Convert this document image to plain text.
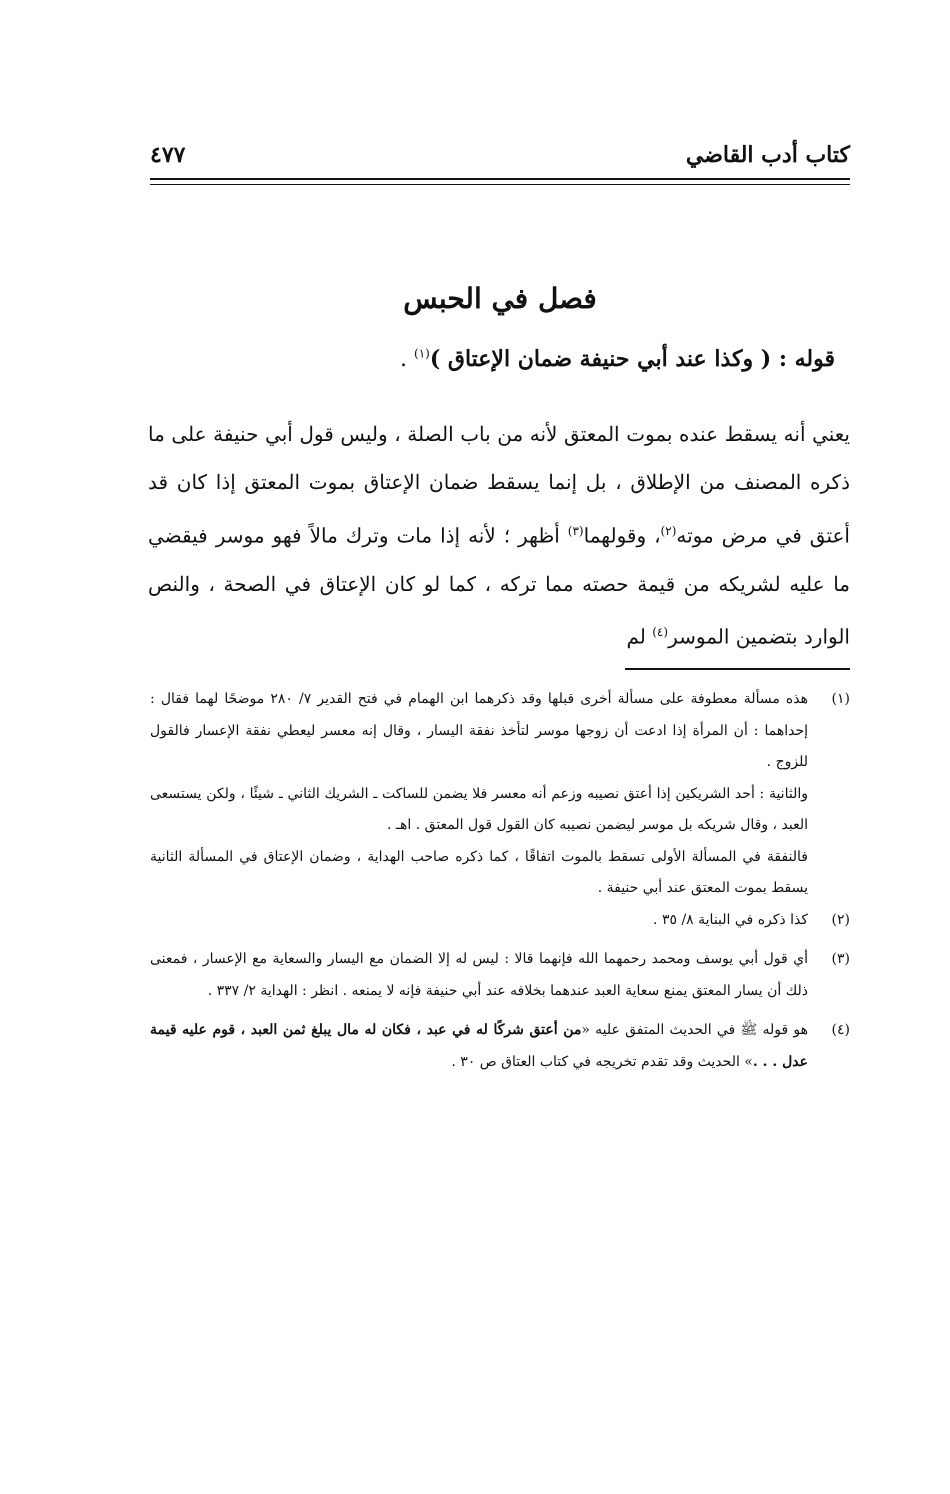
كتاب أدب القاضي
٤٧٧
فصل في الحبس
قوله : ( وكذا عند أبي حنيفة ضمان الإعتاق )$^{(١)}$ .

يعني أنه يسقط عنده بموت المعتق لأنه من باب الصلة ، وليس قول أبي حنيفة على ما ذكره المصنف من الإطلاق ، بل إنما يسقط ضمان الإعتاق بموت المعتق إذا كان قد أعتق في مرض موته$^{(٢)}$، وقولهما$^{(٣)}$ أظهر ؛ لأنه إذا مات وترك مالاً فهو موسر فيقضي ما عليه لشريكه من قيمة حصته مما تركه ، كما لو كان الإعتاق في الصحة ، والنص الوارد بتضمين الموسر$^{(٤)}$ لم

(١)

هذه مسألة معطوفة على مسألة أخرى قبلها وقد ذكرهما ابن الهمام في فتح القدير ٧/ ٢٨٠ موضحًا لهما فقال : إحداهما : أن المرأة إذا ادعت أن زوجها موسر لتأخذ نفقة اليسار ، وقال إنه معسر ليعطي نفقة الإعسار فالقول للزوج .

والثانية : أحد الشريكين إذا أعتق نصيبه وزعم أنه معسر فلا يضمن للساكت ـ الشريك الثاني ـ شيئًا ، ولكن يستسعى العبد ، وقال شريكه بل موسر ليضمن نصيبه كان القول قول المعتق . اهـ .

فالنفقة في المسألة الأولى تسقط بالموت اتفاقًا ، كما ذكره صاحب الهداية ، وضمان الإعتاق في المسألة الثانية يسقط بموت المعتق عند أبي حنيفة .

(٢)

كذا ذكره في البناية ٨/ ٣٥ .

(٣)

أي قول أبي يوسف ومحمد رحمهما الله فإنهما قالا : ليس له إلا الضمان مع اليسار والسعاية مع الإعسار ، فمعنى ذلك أن يسار المعتق يمنع سعاية العبد عندهما بخلافه عند أبي حنيفة فإنه لا يمنعه . انظر : الهداية ٢/ ٣٣٧ .

(٤)

هو قوله ﷺ في الحديث المتفق عليه «من أعتق شركًا له في عبد ، فكان له مال يبلغ ثمن العبد ، قوم عليه قيمة عدل . . .» الحديث وقد تقدم تخريجه في كتاب العتاق ص ٣٠ .
